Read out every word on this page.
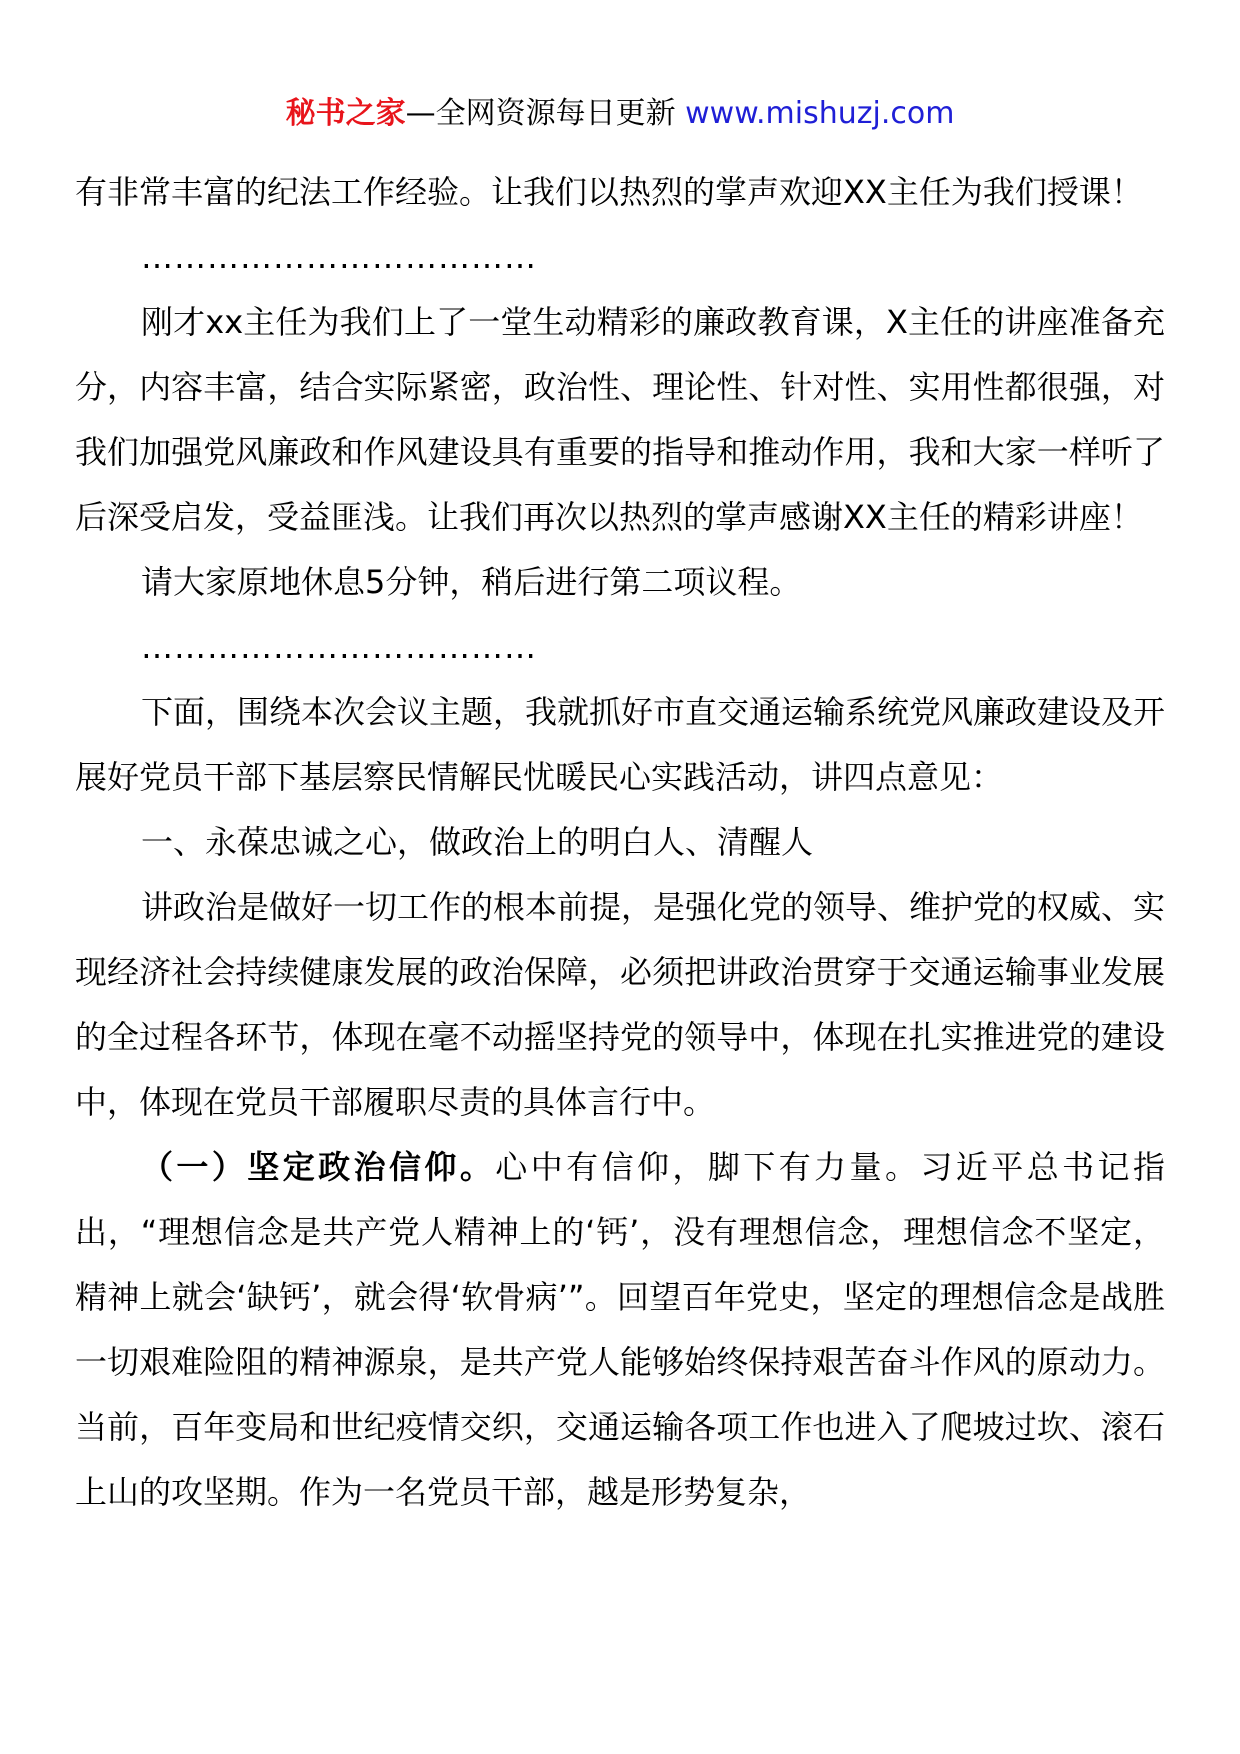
秘书之家—全网资源每日更新 www.mishuzj.com

有非常丰富的纪法工作经验。让我们以热烈的掌声欢迎XX主任为我们授课！

………………………………

刚才xx主任为我们上了一堂生动精彩的廉政教育课，X主任的讲座准备充分，内容丰富，结合实际紧密，政治性、理论性、针对性、实用性都很强，对我们加强党风廉政和作风建设具有重要的指导和推动作用，我和大家一样听了后深受启发，受益匪浅。让我们再次以热烈的掌声感谢XX主任的精彩讲座！

请大家原地休息5分钟，稍后进行第二项议程。

………………………………

下面，围绕本次会议主题，我就抓好市直交通运输系统党风廉政建设及开展好党员干部下基层察民情解民忧暖民心实践活动，讲四点意见：

一、永葆忠诚之心，做政治上的明白人、清醒人

讲政治是做好一切工作的根本前提，是强化党的领导、维护党的权威、实现经济社会持续健康发展的政治保障，必须把讲政治贯穿于交通运输事业发展的全过程各环节，体现在毫不动摇坚持党的领导中，体现在扎实推进党的建设中，体现在党员干部履职尽责的具体言行中。

（一）坚定政治信仰。心中有信仰，脚下有力量。习近平总书记指出，“理想信念是共产党人精神上的‘钙’，没有理想信念，理想信念不坚定，精神上就会‘缺钙’，就会得‘软骨病’”。回望百年党史，坚定的理想信念是战胜一切艰难险阻的精神源泉，是共产党人能够始终保持艰苦奋斗作风的原动力。当前，百年变局和世纪疫情交织，交通运输各项工作也进入了爬坡过坎、滚石上山的攻坚期。作为一名党员干部，越是形势复杂，
